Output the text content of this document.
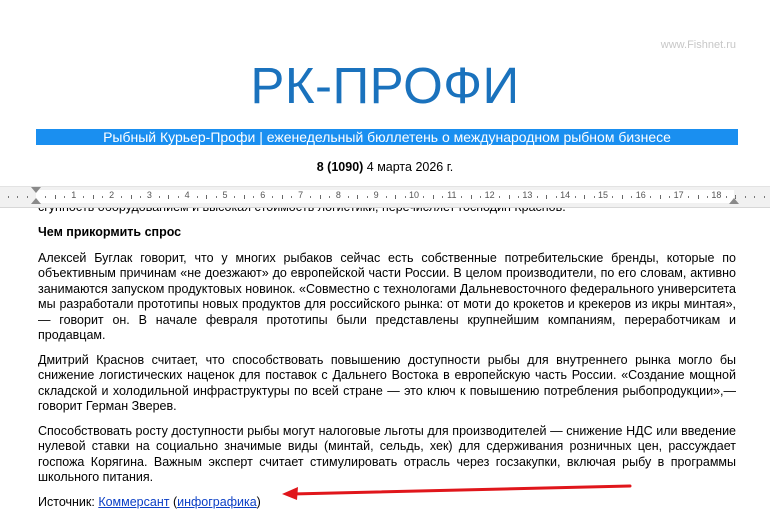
www.Fishnet.ru
РК-ПРОФИ
Рыбный Курьер-Профи | еженедельный бюллетень о международном рыбном бизнесе
8 (1090) 4 марта 2026 г.
1	2	3	4	5	6	7	8	9	10	11	12	13	14	15	16	17	18
Чем прикормить спрос

Алексей Буглак говорит, что у многих рыбаков сейчас есть собственные потребительские бренды, которые по объективным причинам «не доезжают» до европейской части России. В целом производители, по его словам, активно занимаются запуском продуктовых новинок. «Совместно с технологами Дальневосточного федерального университета мы разработали прототипы новых продуктов для российского рынка: от моти до крокетов и крекеров из икры минтая»,— говорит он. В начале февраля прототипы были представлены крупнейшим компаниям, переработчикам и продавцам.

Дмитрий Краснов считает, что способствовать повышению доступности рыбы для внутреннего рынка могло бы снижение логистических наценок для поставок с Дальнего Востока в европейскую часть России. «Создание мощной складской и холодильной инфраструктуры по всей стране — это ключ к повышению потребления рыбопродукции»,— говорит Герман Зверев.

Способствовать росту доступности рыбы могут налоговые льготы для производителей — снижение НДС или введение нулевой ставки на социально значимые виды (минтай, сельдь, хек) для сдерживания розничных цен, рассуждает госпожа Корягина. Важным эксперт считает стимулировать отрасль через госзакупки, включая рыбу в программы школьного питания.

Источник: Коммерсант (инфографика)
